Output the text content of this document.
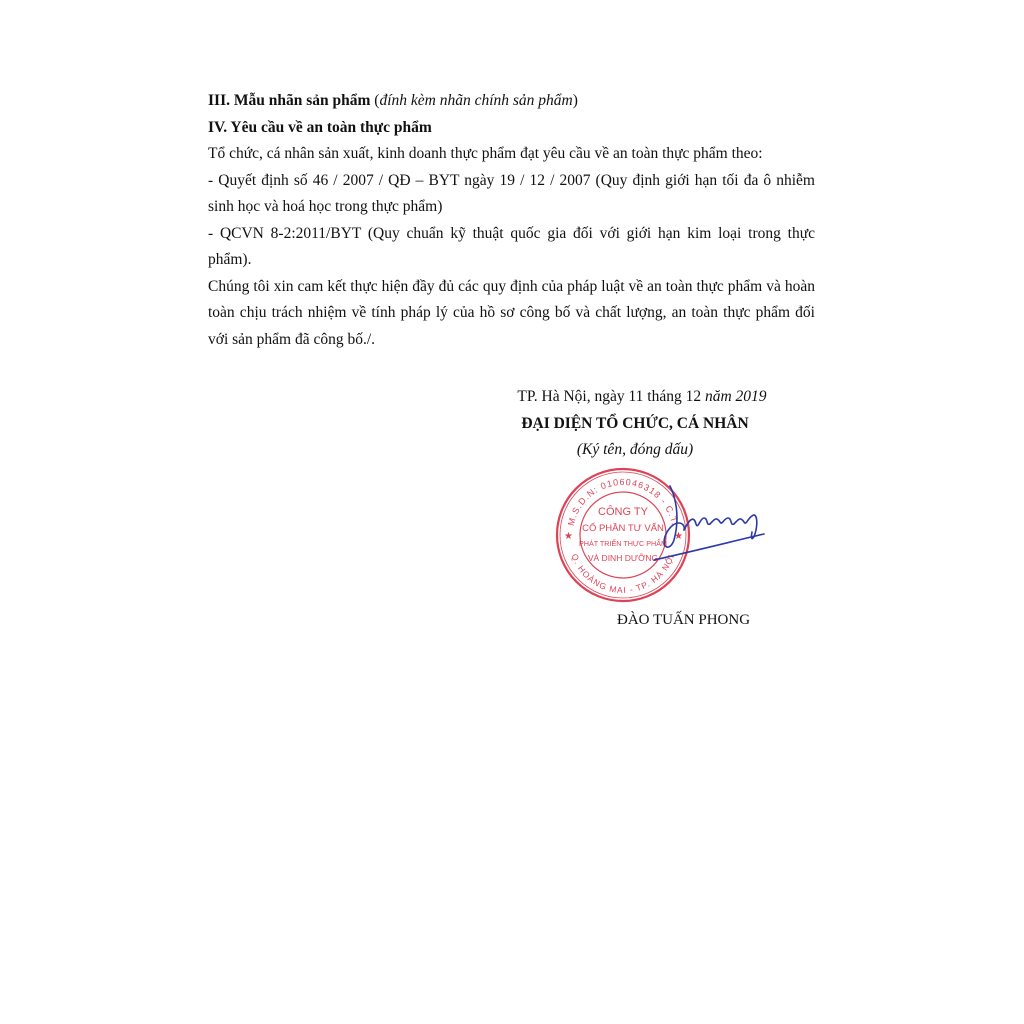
III. Mẫu nhãn sản phẩm (đính kèm nhãn chính sản phẩm)
IV. Yêu cầu về an toàn thực phẩm
Tổ chức, cá nhân sản xuất, kinh doanh thực phẩm đạt yêu cầu về an toàn thực phẩm theo:
- Quyết định số 46 / 2007 / QĐ – BYT ngày 19 / 12 / 2007 (Quy định giới hạn tối đa ô nhiễm
sinh học và hoá học trong thực phẩm)
- QCVN 8-2:2011/BYT (Quy chuẩn kỹ thuật quốc gia đối với giới hạn kim loại trong thực
phẩm).
Chúng tôi xin cam kết thực hiện đầy đủ các quy định của pháp luật về an toàn thực phẩm và hoàn
toàn chịu trách nhiệm về tính pháp lý của hồ sơ công bố và chất lượng, an toàn thực phẩm đối
với sản phẩm đã công bố./.
TP. Hà Nội, ngày 11 tháng 12 năm 2019
ĐẠI DIỆN TỔ CHỨC, CÁ NHÂN
(Ký tên, đóng dấu)
M.S.D.N: 0106046318 - C.T.
Q. HOÀNG MAI - TP. HÀ NỘI
★	★
CÔNG TY
CỔ PHẦN TƯ VẤN
PHÁT TRIỂN THỰC PHẨM
VÀ DINH DƯỠNG
ĐÀO TUẤN PHONG
